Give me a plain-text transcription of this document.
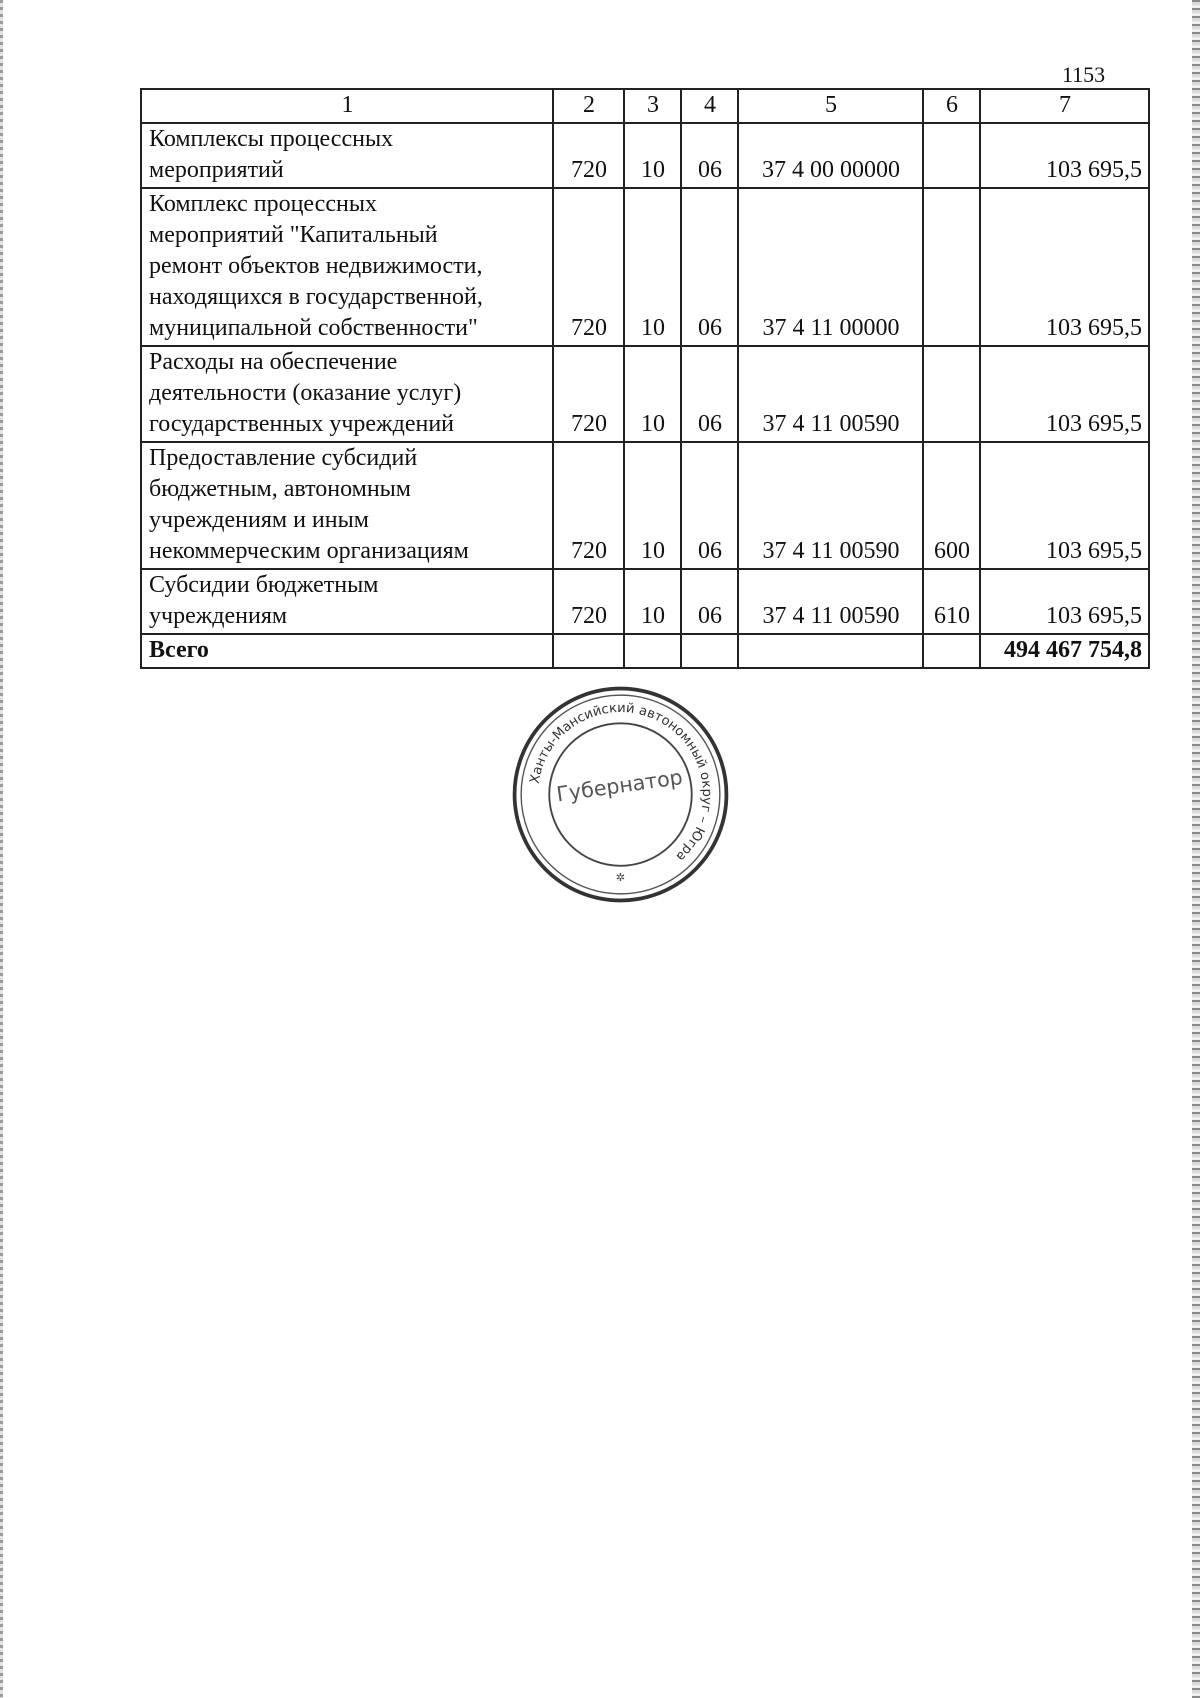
1153
1	2	3	4	5	6	7

Комплексы процессных
мероприятий	720	10	06	37 4 00 00000		103 695,5

Комплекс процессных
мероприятий "Капитальный
ремонт объектов недвижимости,
находящихся в государственной,
муниципальной собственности"	720	10	06	37 4 11 00000		103 695,5

Расходы на обеспечение
деятельности (оказание услуг)
государственных учреждений	720	10	06	37 4 11 00590		103 695,5

Предоставление субсидий
бюджетным, автономным
учреждениям и иным
некоммерческим организациям	720	10	06	37 4 11 00590	600	103 695,5

Субсидии бюджетным
учреждениям	720	10	06	37 4 11 00590	610	103 695,5
Всего						494 467 754,8
Ханты-Мансийский автономный округ – Югра
Губернатор
✲
